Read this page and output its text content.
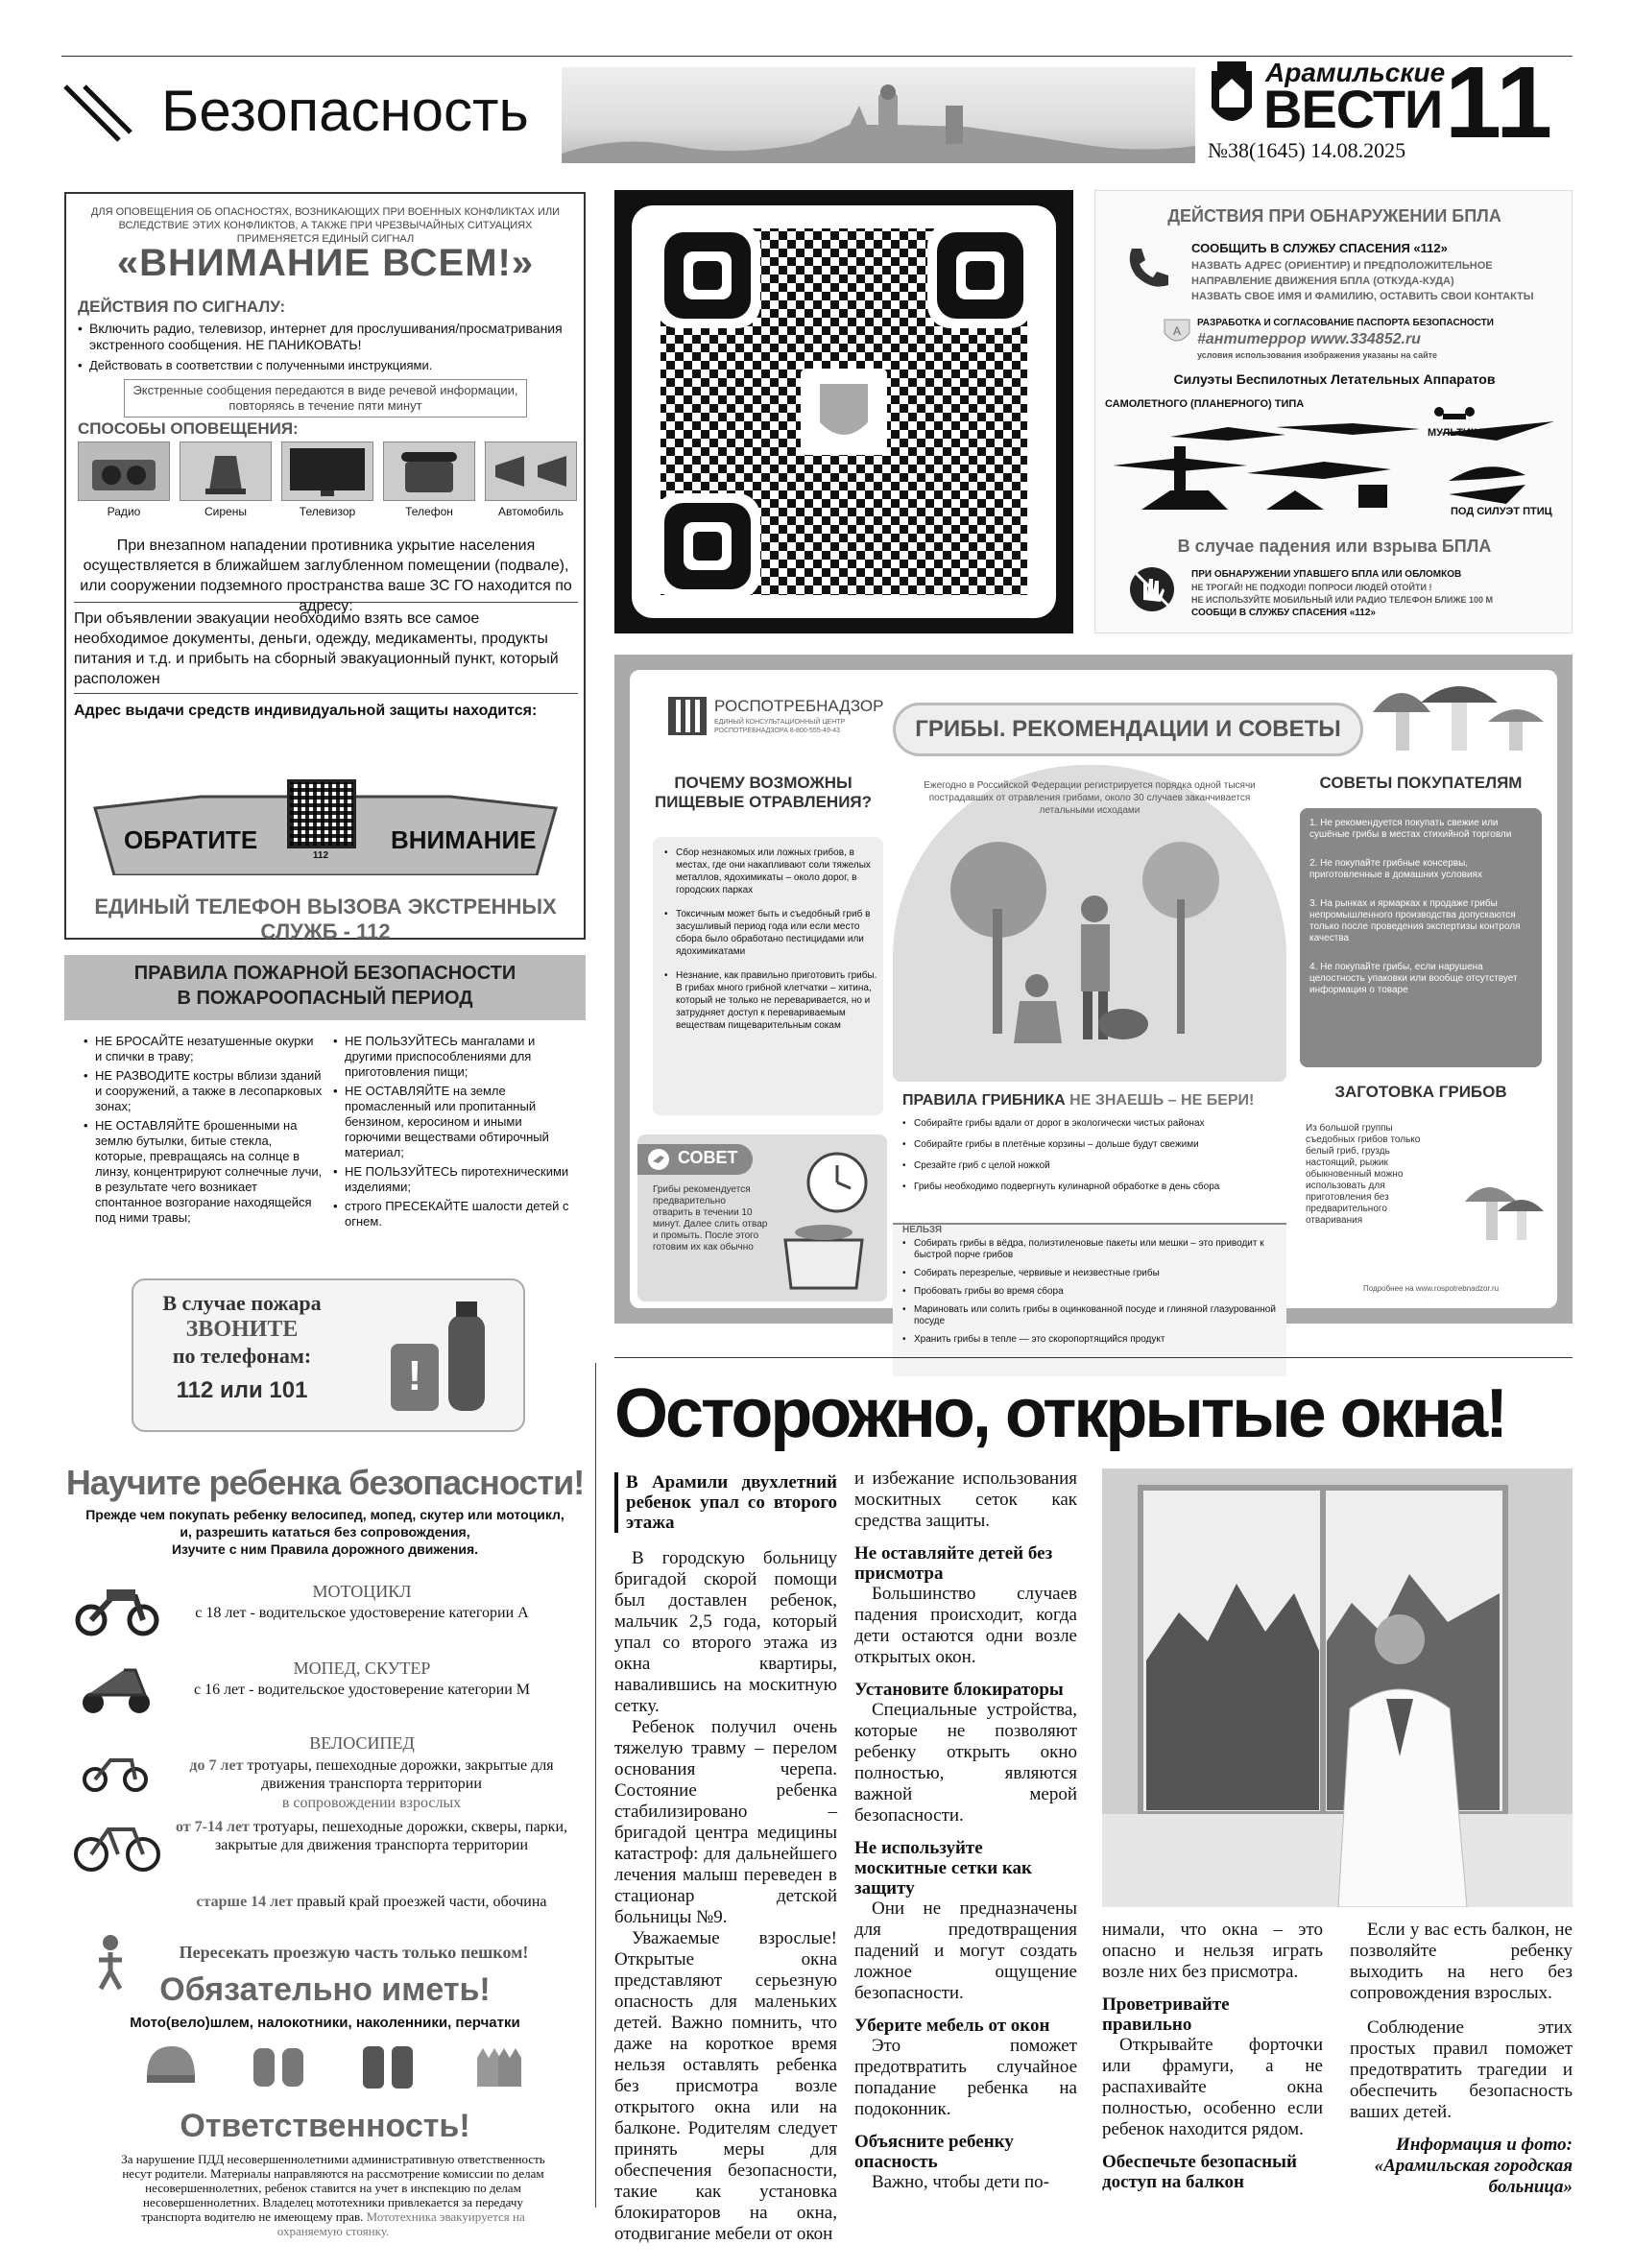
Безопасность
Арамильские
ВЕСТИ
№38(1645) 14.08.2025 11
ДЛЯ ОПОВЕЩЕНИЯ ОБ ОПАСНОСТЯХ, ВОЗНИКАЮЩИХ ПРИ ВОЕННЫХ КОНФЛИКТАХ ИЛИ ВСЛЕДСТВИЕ ЭТИХ КОНФЛИКТОВ, А ТАКЖЕ ПРИ ЧРЕЗВЫЧАЙНЫХ СИТУАЦИЯХ ПРИМЕНЯЕТСЯ ЕДИНЫЙ СИГНАЛ
«ВНИМАНИЕ ВСЕМ!»
ДЕЙСТВИЯ ПО СИГНАЛУ:
• Включить радио, телевизор, интернет для прослушивания/просматривания экстренного сообщения. НЕ ПАНИКОВАТЬ!
• Действовать в соответствии с полученными инструкциями.
Экстренные сообщения передаются в виде речевой информации, повторяясь в течение пяти минут
СПОСОБЫ ОПОВЕЩЕНИЯ:
Радио	Сирены	Телевизор	Телефон	Автомобиль
При внезапном нападении противника укрытие населения осуществляется в ближайшем заглубленном помещении (подвале), или сооружении подземного пространства ваше ЗС ГО находится по адресу:
При объявлении эвакуации необходимо взять все самое необходимое документы, деньги, одежду, медикаменты, продукты питания и т.д. и прибыть на сборный эвакуационный пункт, который расположен
Адрес выдачи средств индивидуальной защиты находится:
ОБРАТИТЕ
112
ВНИМАНИЕ
ЕДИНЫЙ ТЕЛЕФОН ВЫЗОВА ЭКСТРЕННЫХ СЛУЖБ - 112
ПРАВИЛА ПОЖАРНОЙ БЕЗОПАСНОСТИ
В ПОЖАРООПАСНЫЙ ПЕРИОД
• НЕ БРОСАЙТЕ незатушенные окурки и спички в траву;
• НЕ РАЗВОДИТЕ костры вблизи зданий и сооружений, а также в лесопарковых зонах;
• НЕ ОСТАВЛЯЙТЕ брошенными на землю бутылки, битые стекла, которые, превращаясь на солнце в линзу, концентрируют солнечные лучи, в результате чего возникает спонтанное возгорание находящейся под ними травы;
• НЕ ПОЛЬЗУЙТЕСЬ мангалами и другими приспособлениями для приготовления пищи;
• НЕ ОСТАВЛЯЙТЕ на земле промасленный или пропитанный бензином, керосином и иными горючими веществами обтирочный материал;
• НЕ ПОЛЬЗУЙТЕСЬ пиротехническими изделиями;
• строго ПРЕСЕКАЙТЕ шалости детей с огнем.
В случае пожара
ЗВОНИТЕ
по телефонам:
112 или 101	!
Научите ребенка безопасности!
Прежде чем покупать ребенку велосипед, мопед, скутер или мотоцикл,
и, разрешить кататься без сопровождения,
Изучите с ним Правила дорожного движения.
МОТОЦИКЛ
с 18 лет - водительское удостоверение категории А
МОПЕД, СКУТЕР
с 16 лет - водительское удостоверение категории М
ВЕЛОСИПЕД
до 7 лет тротуары, пешеходные дорожки, закрытые для движения транспорта территории
в сопровождении взрослых
от 7-14 лет тротуары, пешеходные дорожки, скверы, парки, закрытые для движения транспорта территории
старше 14 лет правый край проезжей части, обочина
Пересекать проезжую часть только пешком!
Обязательно иметь!
Мото(вело)шлем, налокотники, наколенники, перчатки
Ответственность!
За нарушение ПДД несовершеннолетними административную ответственность несут родители. Материалы направляются на рассмотрение комиссии по делам несовершеннолетних, ребенок ставится на учет в инспекцию по делам несовершеннолетних. Владелец мототехники привлекается за передачу транспорта водителю не имеющему прав. Мототехника эвакуируется на охраняемую стоянку.
ДЕЙСТВИЯ ПРИ ОБНАРУЖЕНИИ БПЛА
СООБЩИТЬ В СЛУЖБУ СПАСЕНИЯ «112»
НАЗВАТЬ АДРЕС (ОРИЕНТИР) И ПРЕДПОЛОЖИТЕЛЬНОЕ
НАПРАВЛЕНИЕ ДВИЖЕНИЯ БПЛА (ОТКУДА-КУДА)
НАЗВАТЬ СВОЕ ИМЯ И ФАМИЛИЮ, ОСТАВИТЬ СВОИ КОНТАКТЫ
A
РАЗРАБОТКА И СОГЛАСОВАНИЕ ПАСПОРТА БЕЗОПАСНОСТИ
#антитеррор www.334852.ru
условия использования изображения указаны на сайте
Силуэты Беспилотных Летательных Аппаратов
САМОЛЕТНОГО (ПЛАНЕРНОГО) ТИПА
МУЛЬТИКОПТЕР
ПОД СИЛУЭТ ПТИЦ
В случае падения или взрыва БПЛА
ПРИ ОБНАРУЖЕНИИ УПАВШЕГО БПЛА ИЛИ ОБЛОМКОВ
НЕ ТРОГАЙ! НЕ ПОДХОДИ! ПОПРОСИ ЛЮДЕЙ ОТОЙТИ !
НЕ ИСПОЛЬЗУЙТЕ МОБИЛЬНЫЙ ИЛИ РАДИО ТЕЛЕФОН БЛИЖЕ 100 М
СООБЩИ В СЛУЖБУ СПАСЕНИЯ «112»
РОСПОТРЕБНАДЗОР
ЕДИНЫЙ КОНСУЛЬТАЦИОННЫЙ ЦЕНТР РОСПОТРЕБНАДЗОРА 8-800-555-49-43	ГРИБЫ. РЕКОМЕНДАЦИИ И СОВЕТЫ
ПОЧЕМУ ВОЗМОЖНЫ ПИЩЕВЫЕ ОТРАВЛЕНИЯ?
• Сбор незнакомых или ложных грибов, в местах, где они накапливают соли тяжелых металлов, ядохимикаты – около дорог, в городских парках
• Токсичным может быть и съедобный гриб в засушливый период года или если место сбора было обработано пестицидами или ядохимикатами
• Незнание, как правильно приготовить грибы. В грибах много грибной клетчатки – хитина, который не только не переваривается, но и затрудняет доступ к перевариваемым веществам пищеварительным сокам
Ежегодно в Российской Федерации регистрируется порядка одной тысячи пострадавших от отравления грибами, около 30 случаев заканчивается летальными исходами
ПРАВИЛА ГРИБНИКА НЕ ЗНАЕШЬ – НЕ БЕРИ!
• Собирайте грибы вдали от дорог в экологически чистых районах
• Собирайте грибы в плетёные корзины – дольше будут свежими
• Срезайте гриб с целой ножкой
• Грибы необходимо подвергнуть кулинарной обработке в день сбора
НЕЛЬЗЯ
• Собирать грибы в вёдра, полиэтиленовые пакеты или мешки – это приводит к быстрой порче грибов
• Собирать перезрелые, червивые и неизвестные грибы
• Пробовать грибы во время сбора
• Мариновать или солить грибы в оцинкованной посуде и глиняной глазурованной посуде
• Хранить грибы в тепле — это скоропортящийся продукт
СОВЕТ
Грибы рекомендуется предварительно отварить в течении 10 минут. Далее слить отвар и промыть. После этого готовим их как обычно
СОВЕТЫ ПОКУПАТЕЛЯМ
1. Не рекомендуется покупать свежие или сушёные грибы в местах стихийной торговли
2. Не покупайте грибные консервы, приготовленные в домашних условиях
3. На рынках и ярмарках к продаже грибы непромышленного производства допускаются только после проведения экспертизы контроля качества
4. Не покупайте грибы, если нарушена целостность упаковки или вообще отсутствует информация о товаре
ЗАГОТОВКА ГРИБОВ
Из большой группы съедобных грибов только белый гриб, груздь настоящий, рыжик обыкновенный можно использовать для приготовления без предварительного отваривания
Подробнее на www.rospotrebnadzor.ru
Осторожно, открытые окна!
В Арамили двухлетний ребенок упал со второго этажа

В городскую больницу бригадой скорой помощи был доставлен ребенок, мальчик 2,5 года, который упал со второго этажа из окна квартиры, навалившись на москитную сетку.

Ребенок получил очень тяжелую травму – перелом основания черепа. Состояние ребенка стабилизировано – бригадой центра медицины катастроф: для дальнейшего лечения малыш переведен в стационар детской больницы №9.

Уважаемые взрослые! Открытые окна представляют серьезную опасность для маленьких детей. Важно помнить, что даже на короткое время нельзя оставлять ребенка без присмотра возле открытого окна или на балконе. Родителям следует принять меры для обеспечения безопасности, такие как установка блокираторов на окна, отодвигание мебели от окон

и избежание использования москитных сеток как средства защиты.

Не оставляйте детей без присмотра

Большинство случаев падения происходит, когда дети остаются одни возле открытых окон.

Установите блокираторы

Специальные устройства, которые не позволяют ребенку открыть окно полностью, являются важной мерой безопасности.

Не используйте москитные сетки как защиту

Они не предназначены для предотвращения падений и могут создать ложное ощущение безопасности.

Уберите мебель от окон

Это поможет предотвратить случайное попадание ребенка на подоконник.

Объясните ребенку опасность

Важно, чтобы дети по-

нимали, что окна – это опасно и нельзя играть возле них без присмотра.

Проветривайте правильно

Открывайте форточки или фрамуги, а не распахивайте окна полностью, особенно если ребенок находится рядом.

Обеспечьте безопасный доступ на балкон

Если у вас есть балкон, не позволяйте ребенку выходить на него без сопровождения взрослых.

Соблюдение этих простых правил поможет предотвратить трагедии и обеспечить безопасность ваших детей.

Информация и фото:
«Арамильская городская больница»
